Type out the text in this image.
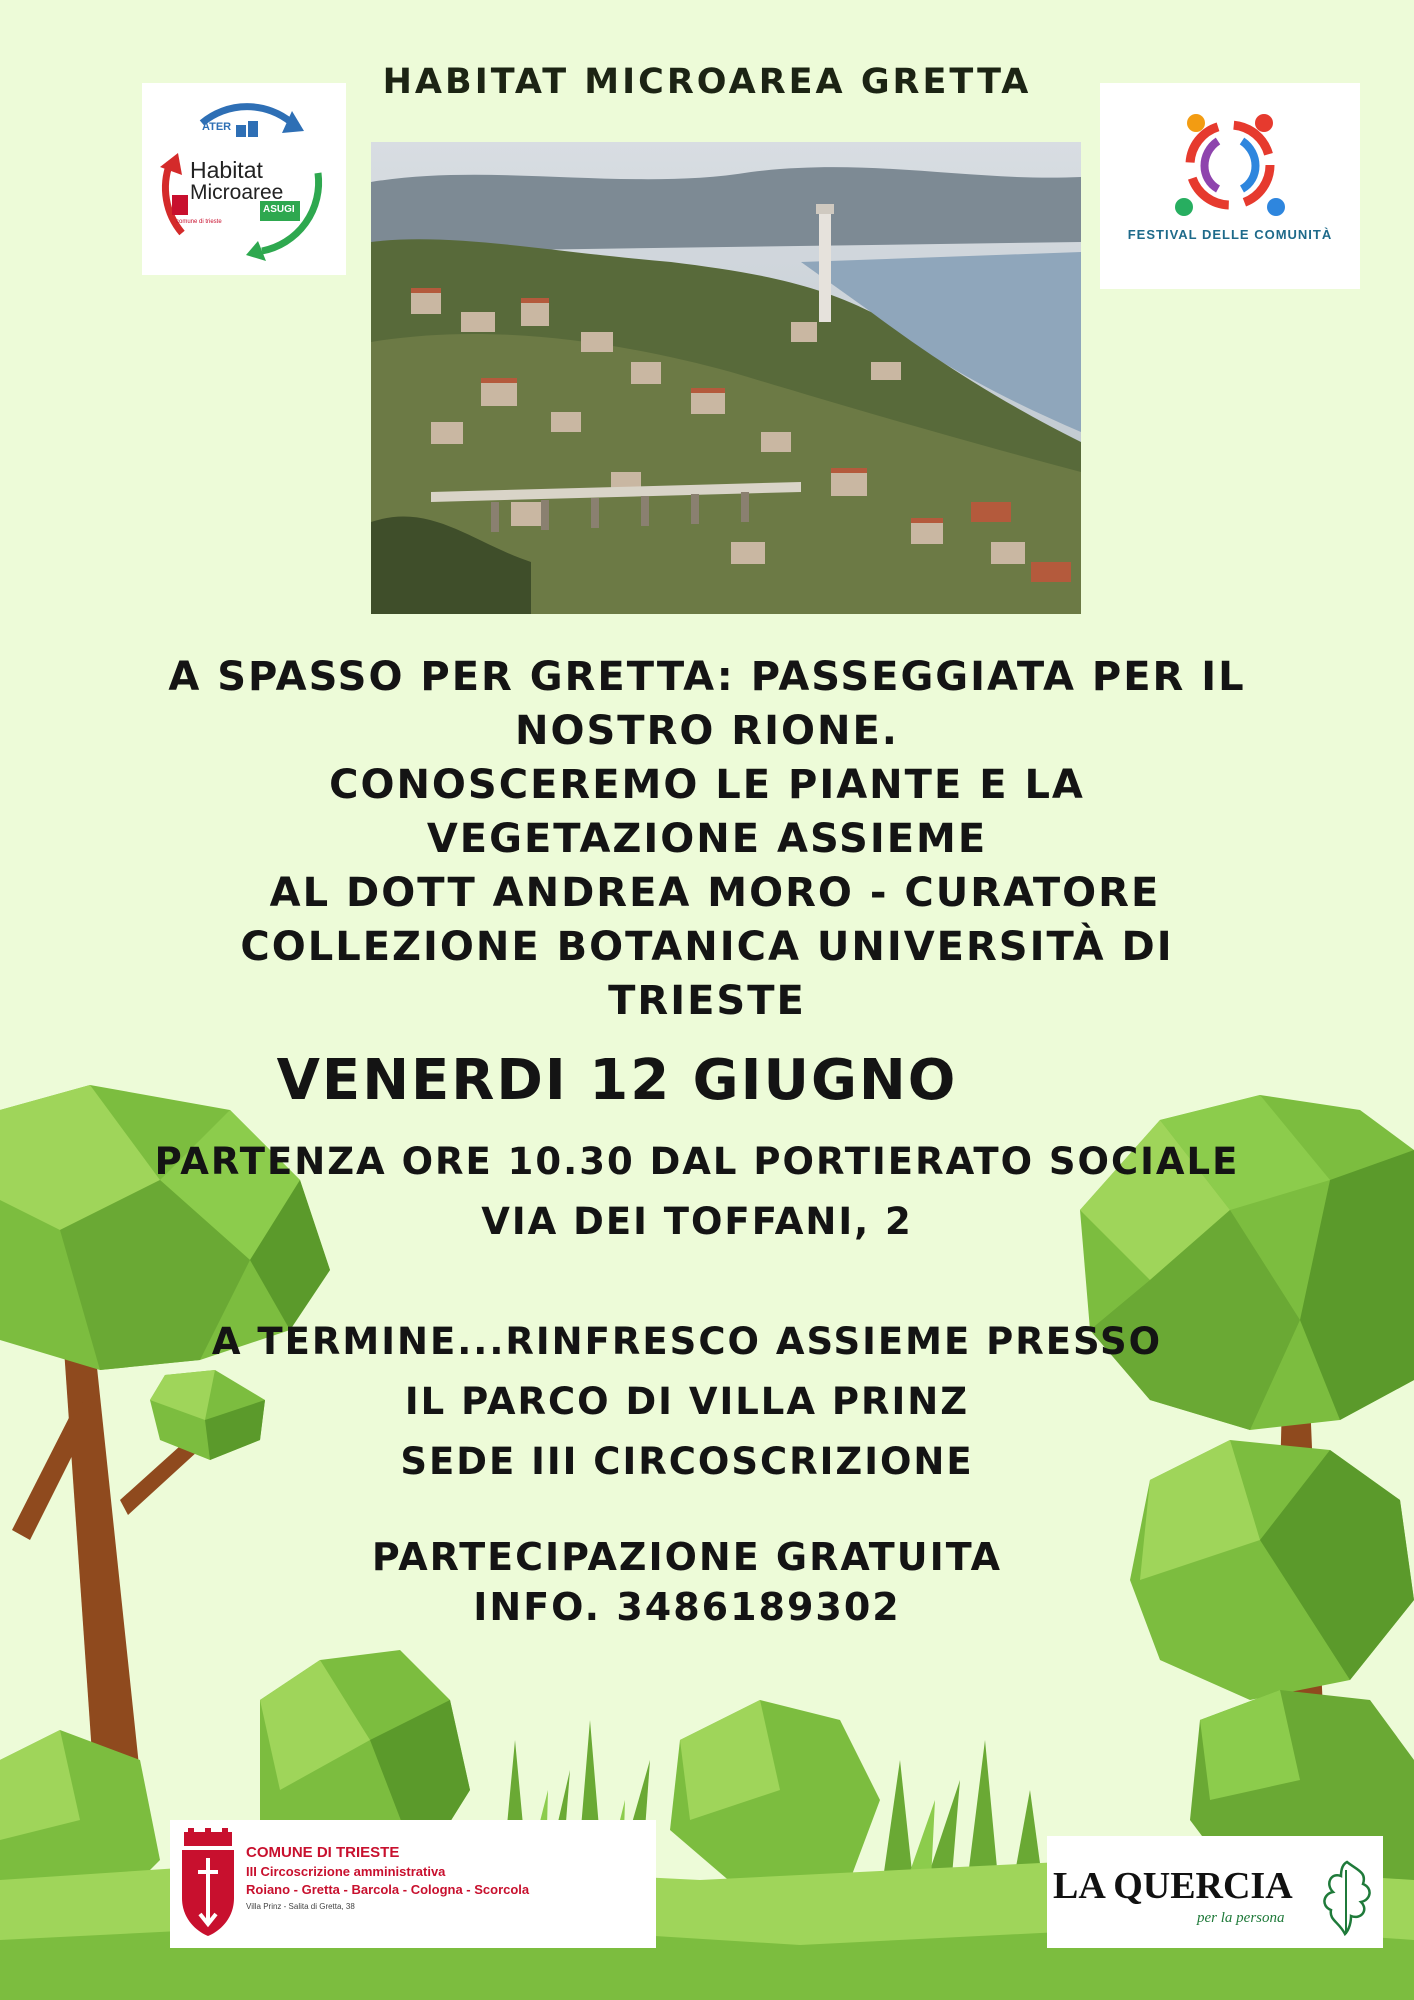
HABITAT MICROAREA GRETTA
ATER
Habitat
Microaree
ASUGI
comune di trieste
FESTIVAL DELLE COMUNITÀ
A SPASSO PER GRETTA: PASSEGGIATA PER IL
NOSTRO RIONE.
CONOSCEREMO LE PIANTE E LA
VEGETAZIONE ASSIEME
AL DOTT ANDREA MORO - CURATORE
COLLEZIONE BOTANICA UNIVERSITÀ DI
TRIESTE
VENERDI 12 GIUGNO
PARTENZA ORE 10.30 DAL PORTIERATO SOCIALE
VIA DEI TOFFANI, 2
A TERMINE...RINFRESCO ASSIEME PRESSO
IL PARCO DI VILLA PRINZ
SEDE III CIRCOSCRIZIONE
PARTECIPAZIONE GRATUITA
INFO. 3486189302
COMUNE DI TRIESTE
III Circoscrizione amministrativa
Roiano - Gretta - Barcola - Cologna - Scorcola
Villa Prinz - Salita di Gretta, 38	LA QUERCIA
per la persona
